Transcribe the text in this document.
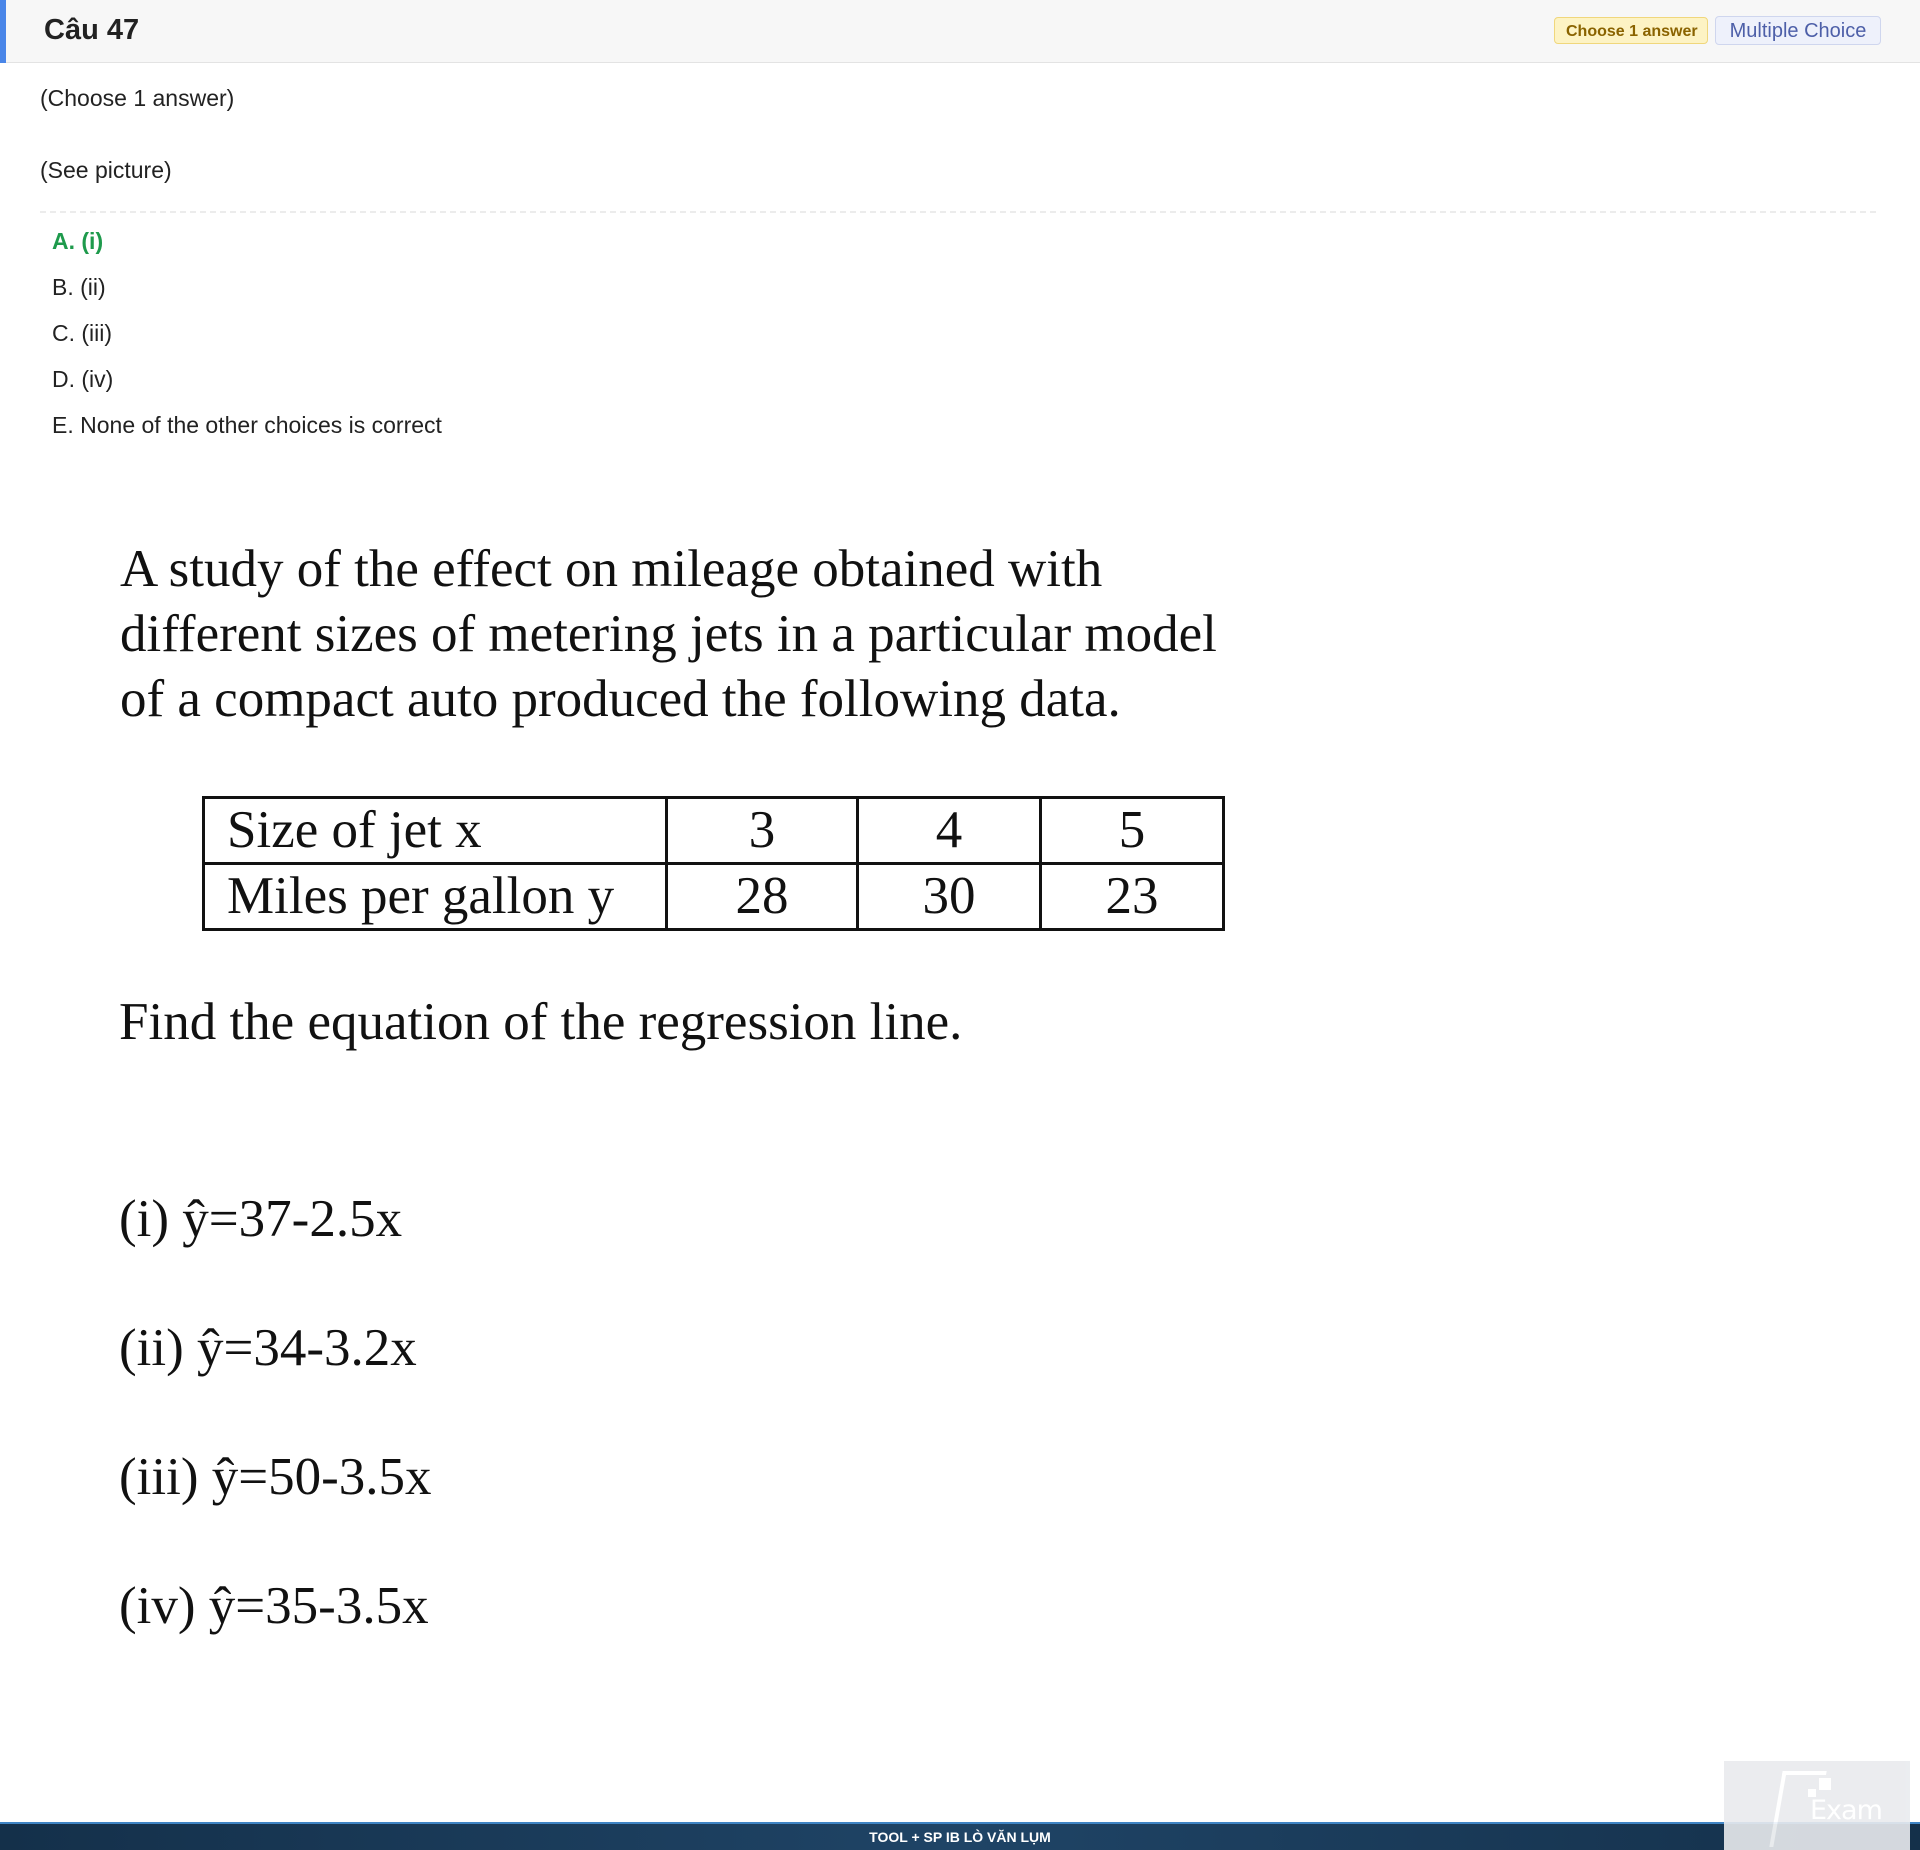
Câu 47	Choose 1 answer	Multiple Choice
(Choose 1 answer)
(See picture)
A. (i)
B. (ii)
C. (iii)
D. (iv)
E. None of the other choices is correct
A study of the effect on mileage obtained with
different sizes of metering jets in a particular model
of a compact auto produced the following data.
Size of jet x	3	4	5
Miles per gallon y	28	30	23
Find the equation of the regression line.
(i) ŷ=37-2.5x
(ii) ŷ=34-3.2x
(iii) ŷ=50-3.5x
(iv) ŷ=35-3.5x
TOOL + SP IB LÒ VĂN LỤM
Exam
